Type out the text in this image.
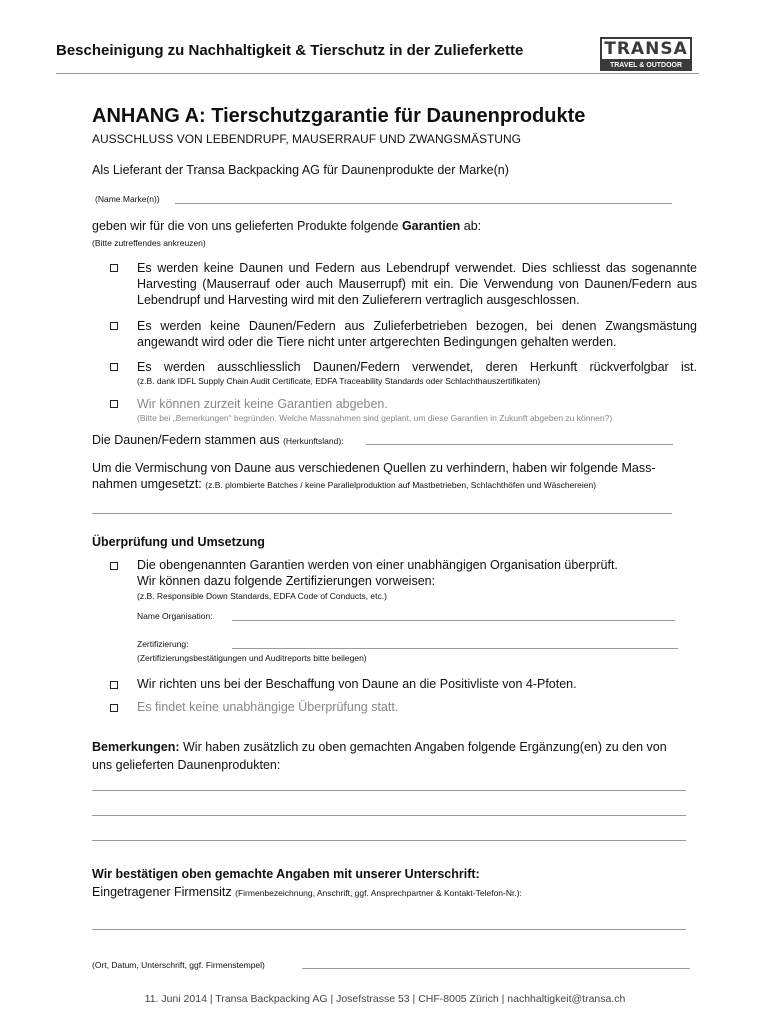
Bescheinigung zu Nachhaltigkeit & Tierschutz in der Zulieferkette	TRANSA
TRAVEL & OUTDOOR
ANHANG A: Tierschutzgarantie für Daunenprodukte
AUSSCHLUSS VON LEBENDRUPF, MAUSERRAUF UND ZWANGSMÄSTUNG
Als Lieferant der Transa Backpacking AG für Daunenprodukte der Marke(n)
(Name Marke(n))
geben wir für die von uns gelieferten Produkte folgende Garantien ab:
(Bitte zutreffendes ankreuzen)
Es werden keine Daunen und Federn aus Lebendrupf verwendet. Dies schliesst das sogenannte Harvesting (Mauserrauf oder auch Mauserrupf) mit ein. Die Verwendung von Daunen/Federn aus Lebendrupf und Harvesting wird mit den Zulieferern vertraglich ausgeschlossen.
Es werden keine Daunen/Federn aus Zulieferbetrieben bezogen, bei denen Zwangsmästung angewandt wird oder die Tiere nicht unter artgerechten Bedingungen gehalten werden.
Es werden ausschliesslich Daunen/Federn verwendet, deren Herkunft rückverfolgbar ist.
(z.B. dank IDFL Supply Chain Audit Certificate, EDFA Traceability Standards oder Schlachthauszertifikaten)
Wir können zurzeit keine Garantien abgeben.
(Bitte bei „Bemerkungen“ begründen. Welche Massnahmen sind geplant, um diese Garantien in Zukunft abgeben zu können?)
Die Daunen/Federn stammen aus (Herkunftsland):
Um die Vermischung von Daune aus verschiedenen Quellen zu verhindern, haben wir folgende Mass-
nahmen umgesetzt: (z.B. plombierte Batches / keine Parallelproduktion auf Mastbetrieben, Schlachthöfen und Wäschereien)
Überprüfung und Umsetzung
Die obengenannten Garantien werden von einer unabhängigen Organisation überprüft.
Wir können dazu folgende Zertifizierungen vorweisen:
(z.B. Responsible Down Standards, EDFA Code of Conducts, etc.)
Name Organisation:
Zertifizierung:
(Zertifizierungsbestätigungen und Auditreports bitte beilegen)
Wir richten uns bei der Beschaffung von Daune an die Positivliste von 4-Pfoten.
Es findet keine unabhängige Überprüfung statt.
Bemerkungen: Wir haben zusätzlich zu oben gemachten Angaben folgende Ergänzung(en) zu den von
uns gelieferten Daunenprodukten:
Wir bestätigen oben gemachte Angaben mit unserer Unterschrift:
Eingetragener Firmensitz (Firmenbezeichnung, Anschrift, ggf. Ansprechpartner & Kontakt-Telefon-Nr.):
(Ort, Datum, Unterschrift, ggf. Firmenstempel)
11. Juni 2014 | Transa Backpacking AG | Josefstrasse 53 | CHF-8005 Zürich | nachhaltigkeit@transa.ch
